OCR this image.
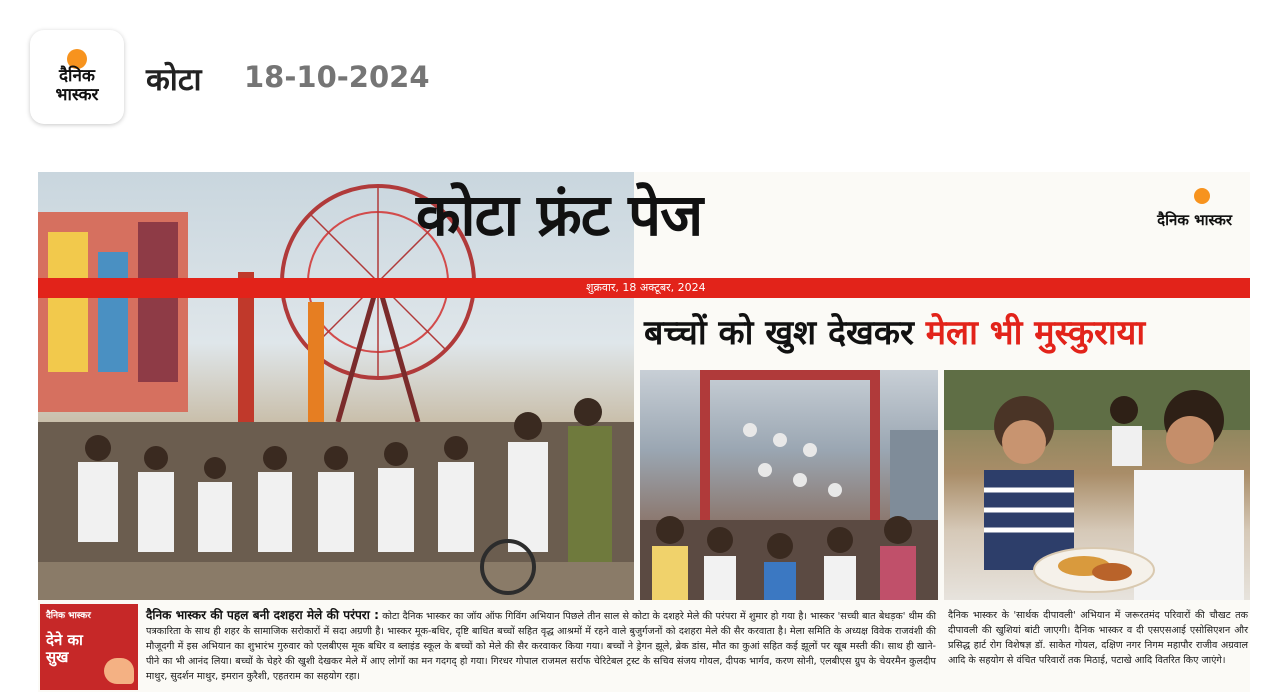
दैनिक
भास्कर कोटा 18-10-2024
कोटा फ्रंट पेज	दैनिक भास्कर
शुक्रवार, 18 अक्टूबर, 2024
बच्चों को खुश देखकर मेला भी मुस्कुराया
दैनिक भास्कर
देने का सुख
दैनिक भास्कर की पहल बनी दशहरा मेले की परंपरा : कोटा दैनिक भास्कर का जॉय ऑफ गिविंग अभियान पिछले तीन साल से कोटा के दशहरे मेले की परंपरा में शुमार हो गया है। भास्कर 'सच्ची बात बेधड़क' थीम की पत्रकारिता के साथ ही शहर के सामाजिक सरोकारों में सदा अग्रणी है। भास्कर मूक-बधिर, दृष्टि बाधित बच्चों सहित वृद्ध आश्रमों में रहने वाले बुजुर्गजनों को दशहरा मेले की सैर करवाता है। मेला समिति के अध्यक्ष विवेक राजवंशी की मौजूदगी में इस अभियान का शुभारंभ गुरुवार को एलबीएस मूक बधिर व ब्लाइंड स्कूल के बच्चों को मेले की सैर करवाकर किया गया। बच्चों ने ड्रेगन झूले, ब्रेक डांस, मौत का कुआं सहित कई झूलों पर खूब मस्ती की। साथ ही खाने-पीने का भी आनंद लिया। बच्चों के चेहरे की खुशी देखकर मेले में आए लोगों का मन गदगद् हो गया। गिरधर गोपाल राजमल सर्राफ चेरिटेबल ट्रस्ट के सचिव संजय गोयल, दीपक भार्गव, करण सोनी, एलबीएस ग्रुप के चेयरमैन कुलदीप माथुर, सुदर्शन माथुर, इमरान कुरैशी, एहतराम का सहयोग रहा।
दैनिक भास्कर के 'सार्थक दीपावली' अभियान में जरूरतमंद परिवारों की चौखट तक दीपावली की खुशियां बांटी जाएगी। दैनिक भास्कर व दी एसएसआई एसोसिएशन और प्रसिद्ध हार्ट रोग विशेषज्ञ डॉ. साकेत गोयल, दक्षिण नगर निगम महापौर राजीव अग्रवाल आदि के सहयोग से वंचित परिवारों तक मिठाई, पटाखे आदि वितरित किए जाएंगे।
